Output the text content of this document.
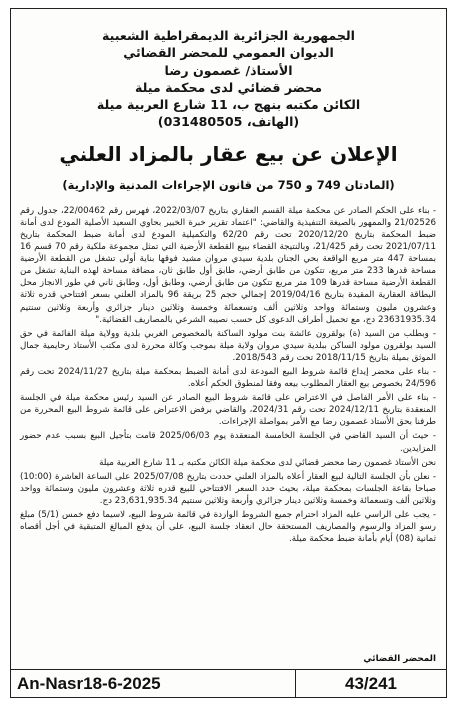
الجمهورية الجزائرية الديمقراطية الشعبية
الديوان العمومي للمحضر القضائي
الأستاذ/ غصمون رضا
محضر قضائي لدى محكمة ميلة
الكائن مكتبه بنهج ب، 11 شارع العربية ميلة
(الهاتف، 031480505)
الإعلان عن بيع عقار بالمزاد العلني
(المادتان 749 و 750 من قانون الإجراءات المدنية والإدارية)

- بناء على الحكم الصادر عن محكمة ميلة القسم العقاري بتاريخ 2022/03/07، فهرس رقم 22/00462، جدول رقم 21/02526 والممهور بالصيغة التنفيذية والقاضي: "اعتماد تقرير خبرة الخبير بحاوي السعيد الأصلية المودع لدى أمانة ضبط المحكمة بتاريخ 2020/12/20 تحت رقم 62/20 والتكميلية المودع لدى أمانة ضبط المحكمة بتاريخ 2021/07/11 تحت رقم 21/425، وبالنتيجة القضاء ببيع القطعة الأرضية التي تمثل مجموعة ملكية رقم 70 قسم 16 بمساحة 447 متر مربع الواقعة بحي الجنان بلدية سيدي مروان مشيد فوقها بناية أولى تشغل من القطعة الأرضية مساحة قدرها 233 متر مربع، تتكون من طابق أرضي، طابق أول طابق ثان، مضافة مساحة لهذه البناية تشغل من القطعة الأرضية مساحة قدرها 109 متر مربع تتكون من طابق أرضي، وطابق أول، وطابق ثاني في طور الانجاز محل البطاقة العقارية المقيدة بتاريخ 2019/04/16 إجمالي حجم 25 بريقة 96 بالمزاد العلني بسعر افتتاحي قدره ثلاثة وعشرون مليون وستمائة وواحد وثلاثين ألف وتسعمائة وخمسة وثلاثين دينار جزائري وأربعة وثلاثين سنتيم 23631935.34 دج، مع تحميل أطراف الدعوى كل حسب نصيبه الشرعي بالمصاريف القضائية."

- وبطلب من السيد (ة) بولقرون عائشة بنت مولود الساكنة بالمخصوص الغربي بلدية وولاية ميلة الفائمة في حق السيد بولقرون مولود الساكن ببلدية سيدي مروان ولاية ميلة بموجب وكالة محررة لدى مكتب الأستاذ رحايمية جمال الموثق بميلة بتاريخ 2018/11/15 تحت رقم 2018/543.

- بناء على محضر إيداع قائمة شروط البيع المودعة لدى أمانة الضبط بمحكمة ميلة بتاريخ 2024/11/27 تحت رقم 24/596 بخصوص بيع العقار المطلوب بيعه وفقا لمنطوق الحكم أعلاه.

- بناء على الأمر الفاصل في الاعتراض على قائمة شروط البيع الصادر عن السيد رئيس محكمة ميلة في الجلسة المنعقدة بتاريخ 2024/12/11 تحت رقم 2024/31، والقاضي برفض الاعتراض على قائمة شروط البيع المحررة من طرفنا بحق الأستاذ غصمون رضا مع الأمر بمواصلة الإجراءات.

- حيث أن السيد القاضي في الجلسة الخامسة المنعقدة يوم 2025/06/03 قامت بتأجيل البيع بسبب عدم حضور المزايدين.

نحن الأستاذ غصمون رضا محضر قضائي لدى محكمة ميلة الكائن مكتبه بـ 11 شارع العربية ميلة

- نعلن بأن الجلسة التالية لبيع العقار أعلاه بالمزاد العلني حددت بتاريخ 2025/07/08 على الساعة العاشرة (10:00) صباحا بقاعة الجلسات بمحكمة ميلة، بحيث حدد السعر الافتتاحي للبيع قدره ثلاثة وعشرون مليون وستمائة وواحد وثلاثين ألف وتسعمائة وخمسة وثلاثين دينار جزائري وأربعة وثلاثين سنتيم 23,631,935.34 دج.

- يجب على الراسي عليه المزاد احترام جميع الشروط الواردة في قائمة شروط البيع، لاسيما دفع خمس (5/1) مبلغ رسو المزاد والرسوم والمصاريف المستحقة حال انعقاد جلسة البيع، على أن يدفع المبالغ المتبقية في أجل أقصاه ثمانية (08) أيام بأمانة ضبط محكمة ميلة.

المحضر القضائي
An-Nasr18-6-2025	43/241
